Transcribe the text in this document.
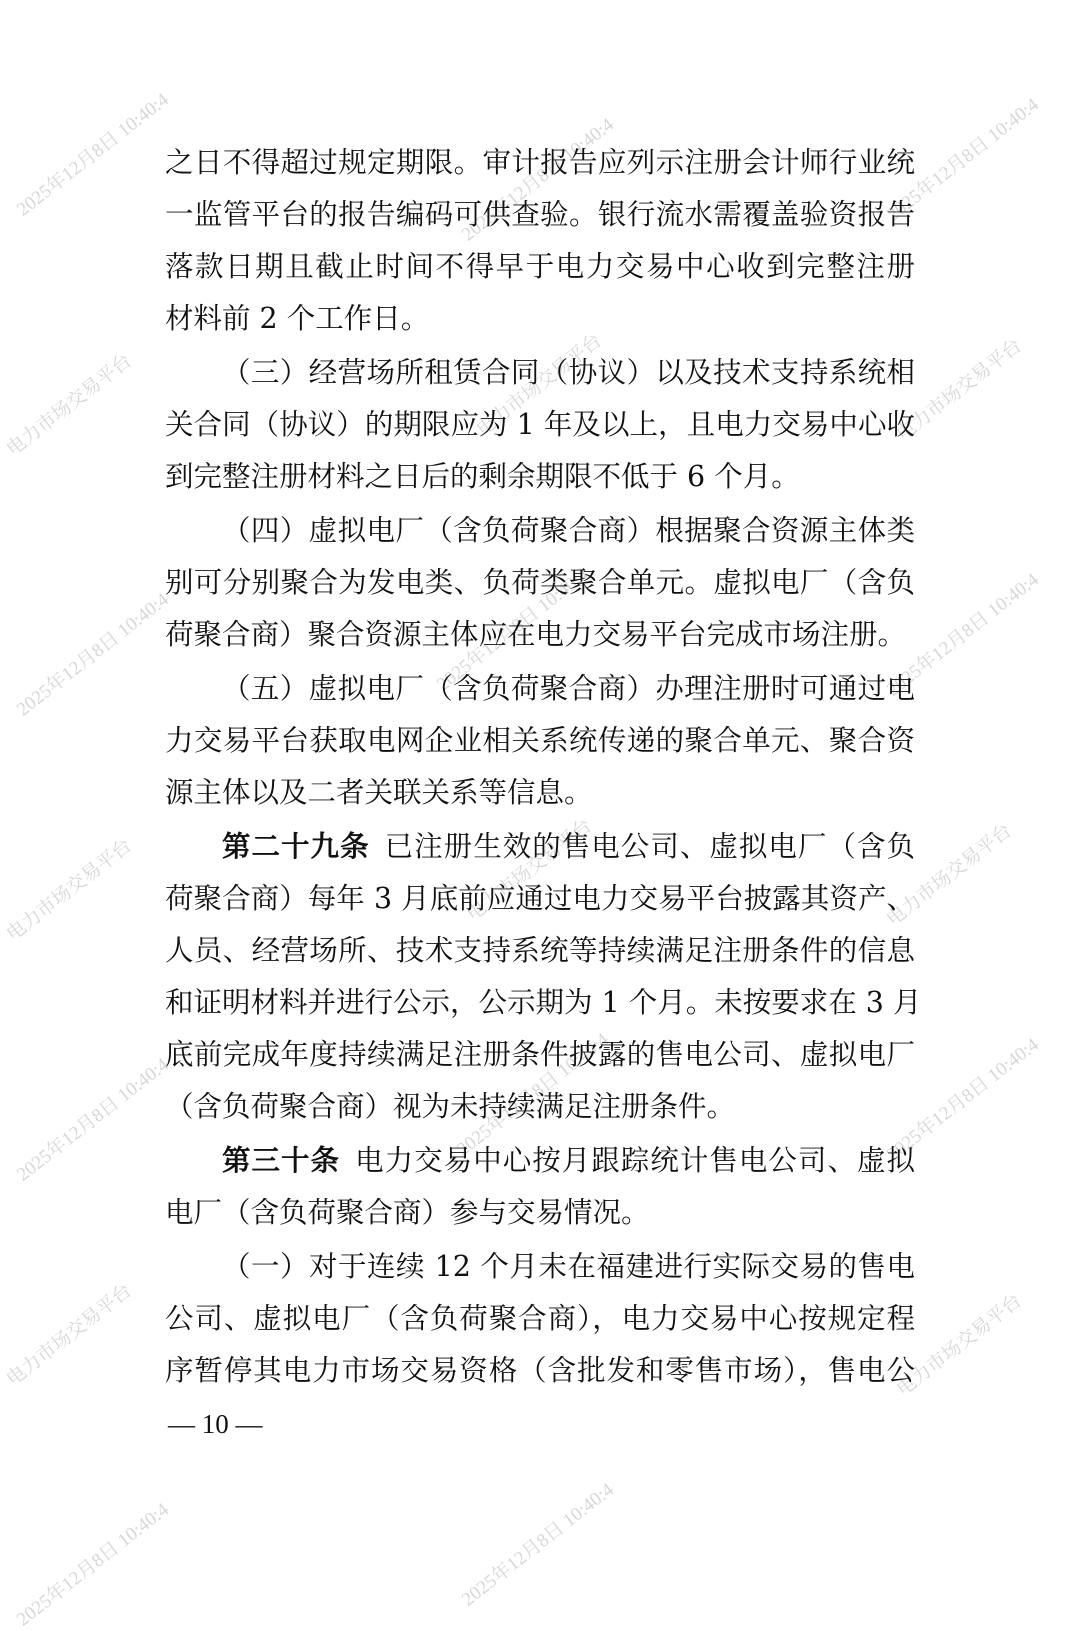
2025年12月8日 10:40:4	2025年12月8日 10:40:4	2025年12月8日 10:40:4
电力市场交易平台	电力市场交易平台	电力市场交易平台
2025年12月8日 10:40:4	2025年12月8日 10:40:4	2025年12月8日 10:40:4
电力市场交易平台	电力市场交易平台	电力市场交易平台
2025年12月8日 10:40:4	2025年12月8日 10:40:4	2025年12月8日 10:40:4
电力市场交易平台	电力市场交易平台
2025年12月8日 10:40:4	2025年12月8日 10:40:4
之日不得超过规定期限。审计报告应列示注册会计师行业统
一监管平台的报告编码可供查验。银行流水需覆盖验资报告
落款日期且截止时间不得早于电力交易中心收到完整注册
材料前 2 个工作日。
（三）经营场所租赁合同（协议）以及技术支持系统相
关合同（协议）的期限应为 1 年及以上，且电力交易中心收
到完整注册材料之日后的剩余期限不低于 6 个月。
（四）虚拟电厂（含负荷聚合商）根据聚合资源主体类
别可分别聚合为发电类、负荷类聚合单元。虚拟电厂（含负
荷聚合商）聚合资源主体应在电力交易平台完成市场注册。
（五）虚拟电厂（含负荷聚合商）办理注册时可通过电
力交易平台获取电网企业相关系统传递的聚合单元、聚合资
源主体以及二者关联关系等信息。
第二十九条 已注册生效的售电公司、虚拟电厂（含负
荷聚合商）每年 3 月底前应通过电力交易平台披露其资产、
人员、经营场所、技术支持系统等持续满足注册条件的信息
和证明材料并进行公示，公示期为 1 个月。未按要求在 3 月
底前完成年度持续满足注册条件披露的售电公司、虚拟电厂
（含负荷聚合商）视为未持续满足注册条件。
第三十条 电力交易中心按月跟踪统计售电公司、虚拟
电厂（含负荷聚合商）参与交易情况。
（一）对于连续 12 个月未在福建进行实际交易的售电
公司、虚拟电厂（含负荷聚合商），电力交易中心按规定程
序暂停其电力市场交易资格（含批发和零售市场），售电公
— 10 —
